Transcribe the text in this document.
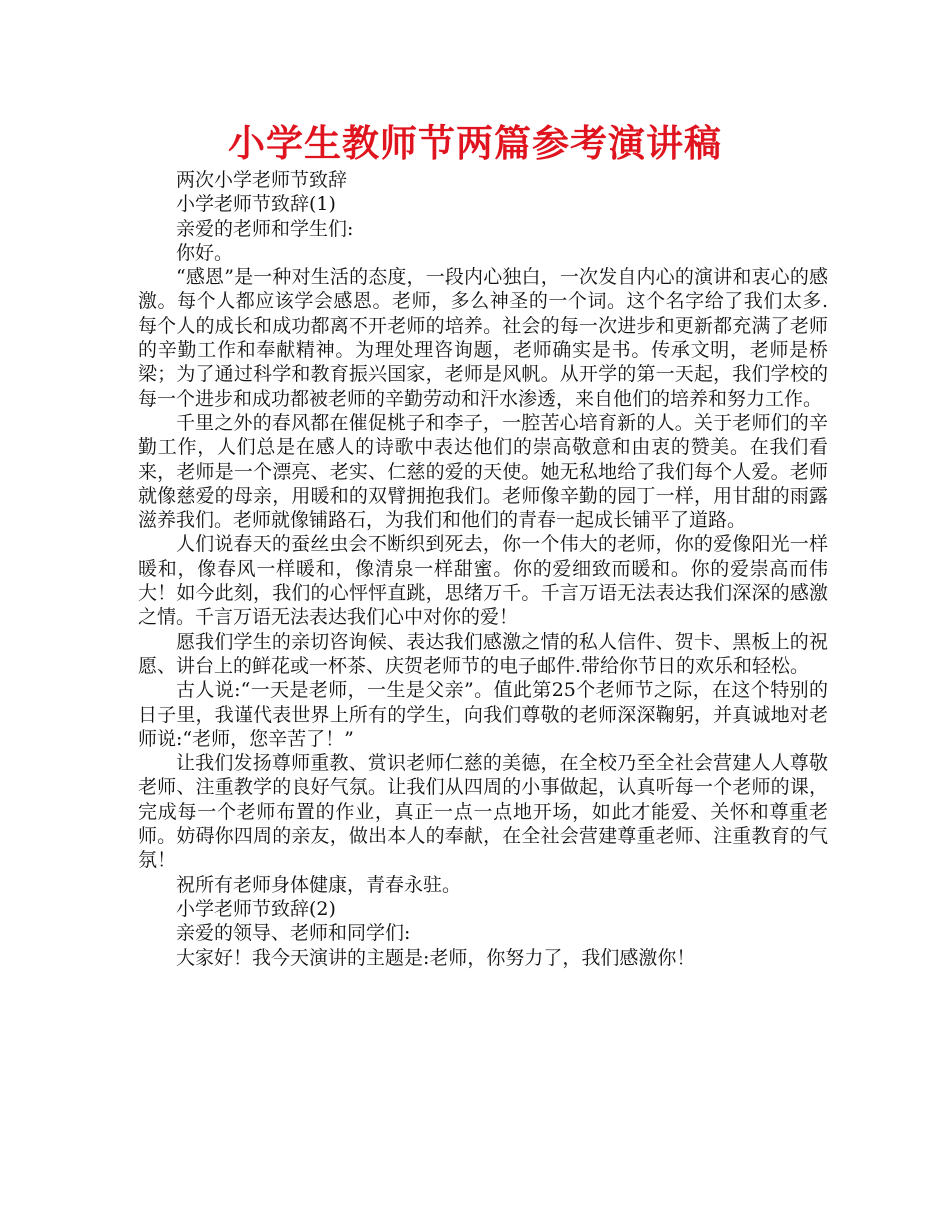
小学生教师节两篇参考演讲稿

两次小学老师节致辞

小学老师节致辞(1)

亲爱的老师和学生们:

你好。

“感恩”是一种对生活的态度，一段内心独白，一次发自内心的演讲和衷心的感激。每个人都应该学会感恩。老师，多么神圣的一个词。这个名字给了我们太多.每个人的成长和成功都离不开老师的培养。社会的每一次进步和更新都充满了老师的辛勤工作和奉献精神。为理处理咨询题，老师确实是书。传承文明，老师是桥梁；为了通过科学和教育振兴国家，老师是风帆。从开学的第一天起，我们学校的每一个进步和成功都被老师的辛勤劳动和汗水渗透，来自他们的培养和努力工作。

千里之外的春风都在催促桃子和李子，一腔苦心培育新的人。关于老师们的辛勤工作，人们总是在感人的诗歌中表达他们的崇高敬意和由衷的赞美。在我们看来，老师是一个漂亮、老实、仁慈的爱的天使。她无私地给了我们每个人爱。老师就像慈爱的母亲，用暖和的双臂拥抱我们。老师像辛勤的园丁一样，用甘甜的雨露滋养我们。老师就像铺路石，为我们和他们的青春一起成长铺平了道路。

人们说春天的蚕丝虫会不断织到死去，你一个伟大的老师，你的爱像阳光一样暖和，像春风一样暖和，像清泉一样甜蜜。你的爱细致而暖和。你的爱崇高而伟大！如今此刻，我们的心怦怦直跳，思绪万千。千言万语无法表达我们深深的感激之情。千言万语无法表达我们心中对你的爱！

愿我们学生的亲切咨询候、表达我们感激之情的私人信件、贺卡、黑板上的祝愿、讲台上的鲜花或一杯茶、庆贺老师节的电子邮件.带给你节日的欢乐和轻松。

古人说:“一天是老师，一生是父亲”。值此第25个老师节之际，在这个特别的日子里，我谨代表世界上所有的学生，向我们尊敬的老师深深鞠躬，并真诚地对老师说:“老师，您辛苦了！”

让我们发扬尊师重教、赏识老师仁慈的美德，在全校乃至全社会营建人人尊敬老师、注重教学的良好气氛。让我们从四周的小事做起，认真听每一个老师的课，完成每一个老师布置的作业，真正一点一点地开场，如此才能爱、关怀和尊重老师。妨碍你四周的亲友，做出本人的奉献，在全社会营建尊重老师、注重教育的气氛！

祝所有老师身体健康，青春永驻。

小学老师节致辞(2)

亲爱的领导、老师和同学们:

大家好！我今天演讲的主题是:老师，你努力了，我们感激你！
